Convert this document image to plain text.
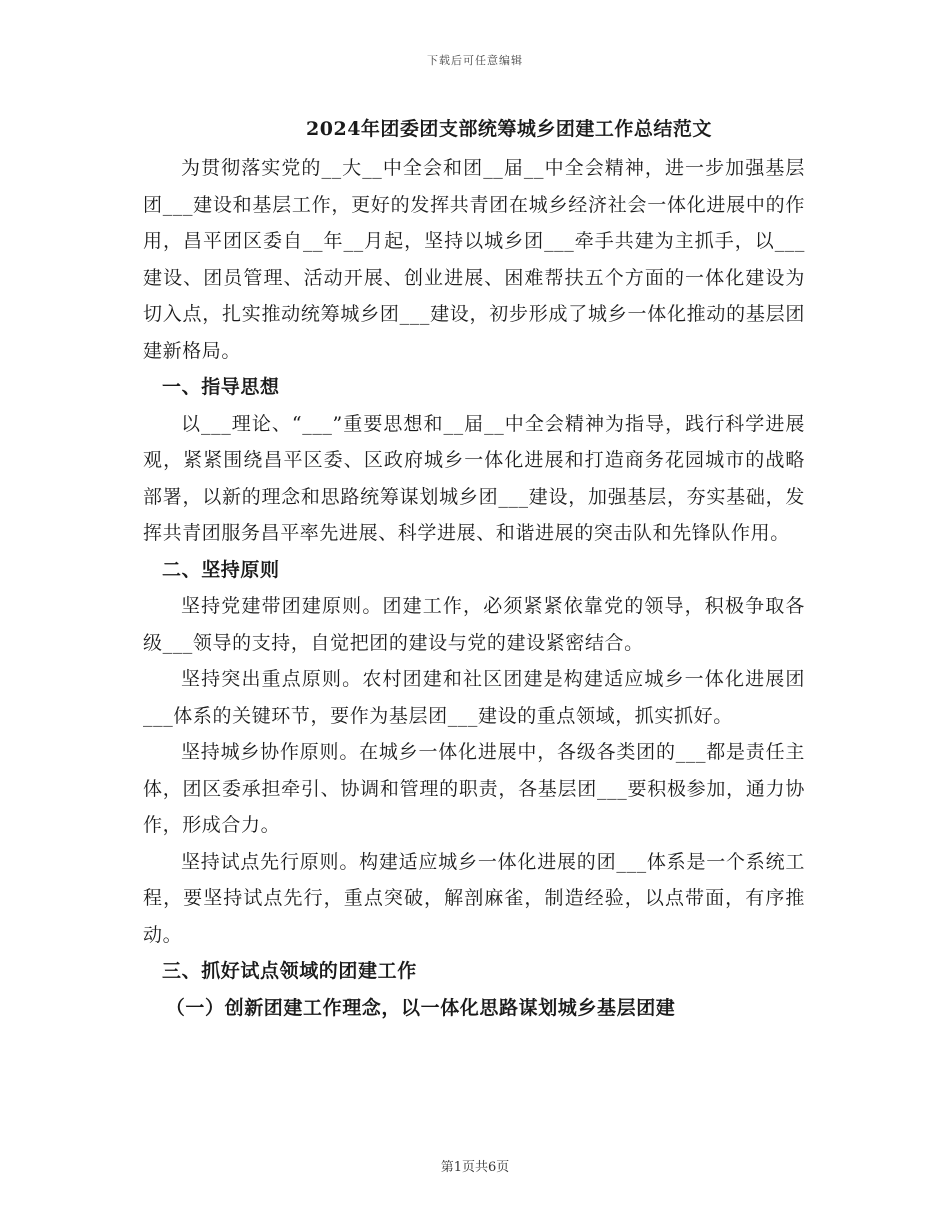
下载后可任意编辑
2024年团委团支部统筹城乡团建工作总结范文

为贯彻落实党的__大__中全会和团__届__中全会精神，进一步加强基层团___建设和基层工作，更好的发挥共青团在城乡经济社会一体化进展中的作用，昌平团区委自__年__月起，坚持以城乡团___牵手共建为主抓手，以___建设、团员管理、活动开展、创业进展、困难帮扶五个方面的一体化建设为切入点，扎实推动统筹城乡团___建设，初步形成了城乡一体化推动的基层团建新格局。

一、指导思想

以___理论、“___”重要思想和__届__中全会精神为指导，践行科学进展观，紧紧围绕昌平区委、区政府城乡一体化进展和打造商务花园城市的战略部署，以新的理念和思路统筹谋划城乡团___建设，加强基层，夯实基础，发挥共青团服务昌平率先进展、科学进展、和谐进展的突击队和先锋队作用。

二、坚持原则

坚持党建带团建原则。团建工作，必须紧紧依靠党的领导，积极争取各级___领导的支持，自觉把团的建设与党的建设紧密结合。

坚持突出重点原则。农村团建和社区团建是构建适应城乡一体化进展团___体系的关键环节，要作为基层团___建设的重点领域，抓实抓好。

坚持城乡协作原则。在城乡一体化进展中，各级各类团的___都是责任主体，团区委承担牵引、协调和管理的职责，各基层团___要积极参加，通力协作，形成合力。

坚持试点先行原则。构建适应城乡一体化进展的团___体系是一个系统工程，要坚持试点先行，重点突破，解剖麻雀，制造经验，以点带面，有序推动。

三、抓好试点领域的团建工作

（一）创新团建工作理念，以一体化思路谋划城乡基层团建

第1页共6页
